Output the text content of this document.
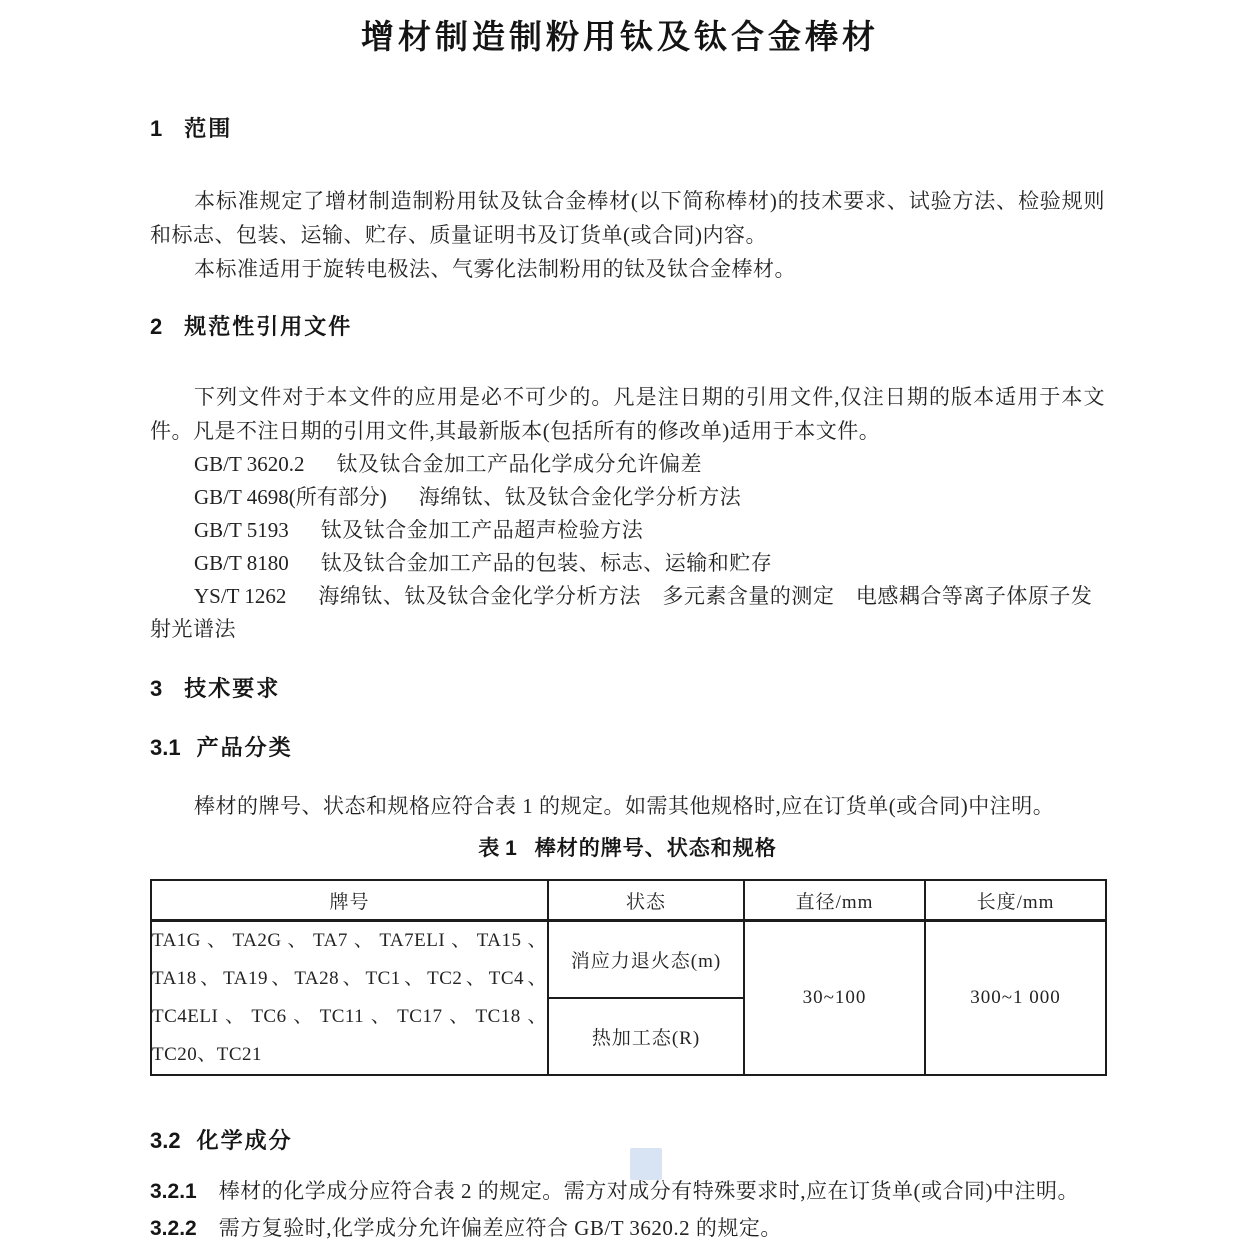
增材制造制粉用钛及钛合金棒材
1 范围

本标准规定了增材制造制粉用钛及钛合金棒材(以下简称棒材)的技术要求、试验方法、检验规则和标志、包装、运输、贮存、质量证明书及订货单(或合同)内容。

本标准适用于旋转电极法、气雾化法制粉用的钛及钛合金棒材。

2 规范性引用文件

下列文件对于本文件的应用是必不可少的。凡是注日期的引用文件,仅注日期的版本适用于本文件。凡是不注日期的引用文件,其最新版本(包括所有的修改单)适用于本文件。

GB/T 3620.2 钛及钛合金加工产品化学成分允许偏差
GB/T 4698(所有部分) 海绵钛、钛及钛合金化学分析方法
GB/T 5193 钛及钛合金加工产品超声检验方法
GB/T 8180 钛及钛合金加工产品的包装、标志、运输和贮存
YS/T 1262 海绵钛、钛及钛合金化学分析方法　多元素含量的测定　电感耦合等离子体原子发射光谱法
3 技术要求
3.1 产品分类

棒材的牌号、状态和规格应符合表 1 的规定。如需其他规格时,应在订货单(或合同)中注明。

表 1 棒材的牌号、状态和规格
牌号	状态	直径/mm	长度/mm
TA1G、TA2G、TA7、TA7ELI、TA15、TA18、TA19、TA28、TC1、TC2、TC4、TC4ELI、TC6、TC11、TC17、TC18、TC20、TC21	消应力退火态(m)	30~100	300~1 000
	热加工态(R)		
3.2 化学成分
3.2.1 棒材的化学成分应符合表 2 的规定。需方对成分有特殊要求时,应在订货单(或合同)中注明。
3.2.2 需方复验时,化学成分允许偏差应符合 GB/T 3620.2 的规定。
